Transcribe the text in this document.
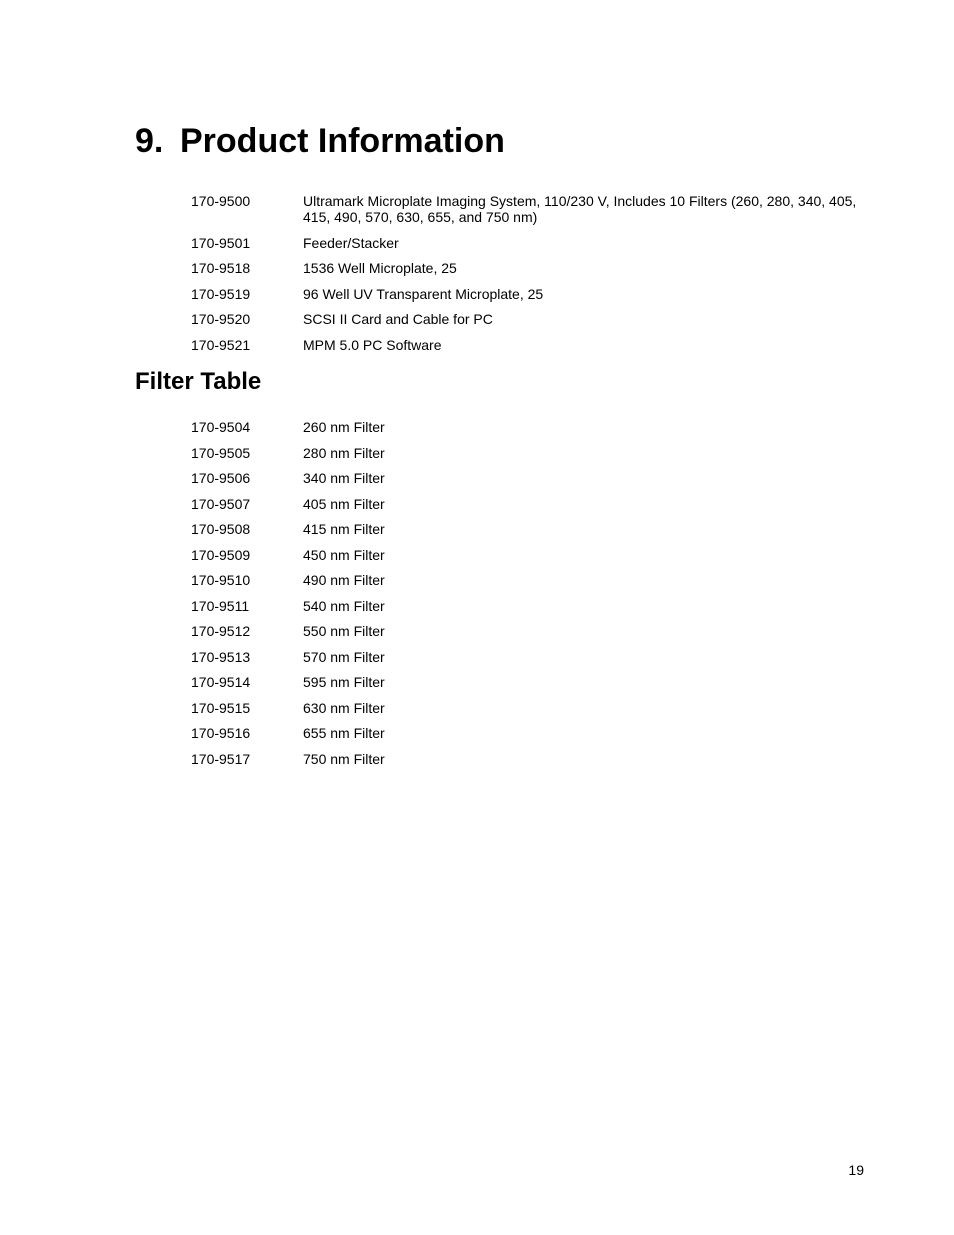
9. Product Information
170-9500	Ultramark Microplate Imaging System, 110/230 V, Includes 10 Filters (260, 280, 340, 405, 415, 490, 570, 630, 655, and 750 nm)
170-9501	Feeder/Stacker
170-9518	1536 Well Microplate, 25
170-9519	96 Well UV Transparent Microplate, 25
170-9520	SCSI II Card and Cable for PC
170-9521	MPM 5.0 PC Software
Filter Table
170-9504	260 nm Filter
170-9505	280 nm Filter
170-9506	340 nm Filter
170-9507	405 nm Filter
170-9508	415 nm Filter
170-9509	450 nm Filter
170-9510	490 nm Filter
170-9511	540 nm Filter
170-9512	550 nm Filter
170-9513	570 nm Filter
170-9514	595 nm Filter
170-9515	630 nm Filter
170-9516	655 nm Filter
170-9517	750 nm Filter
19
